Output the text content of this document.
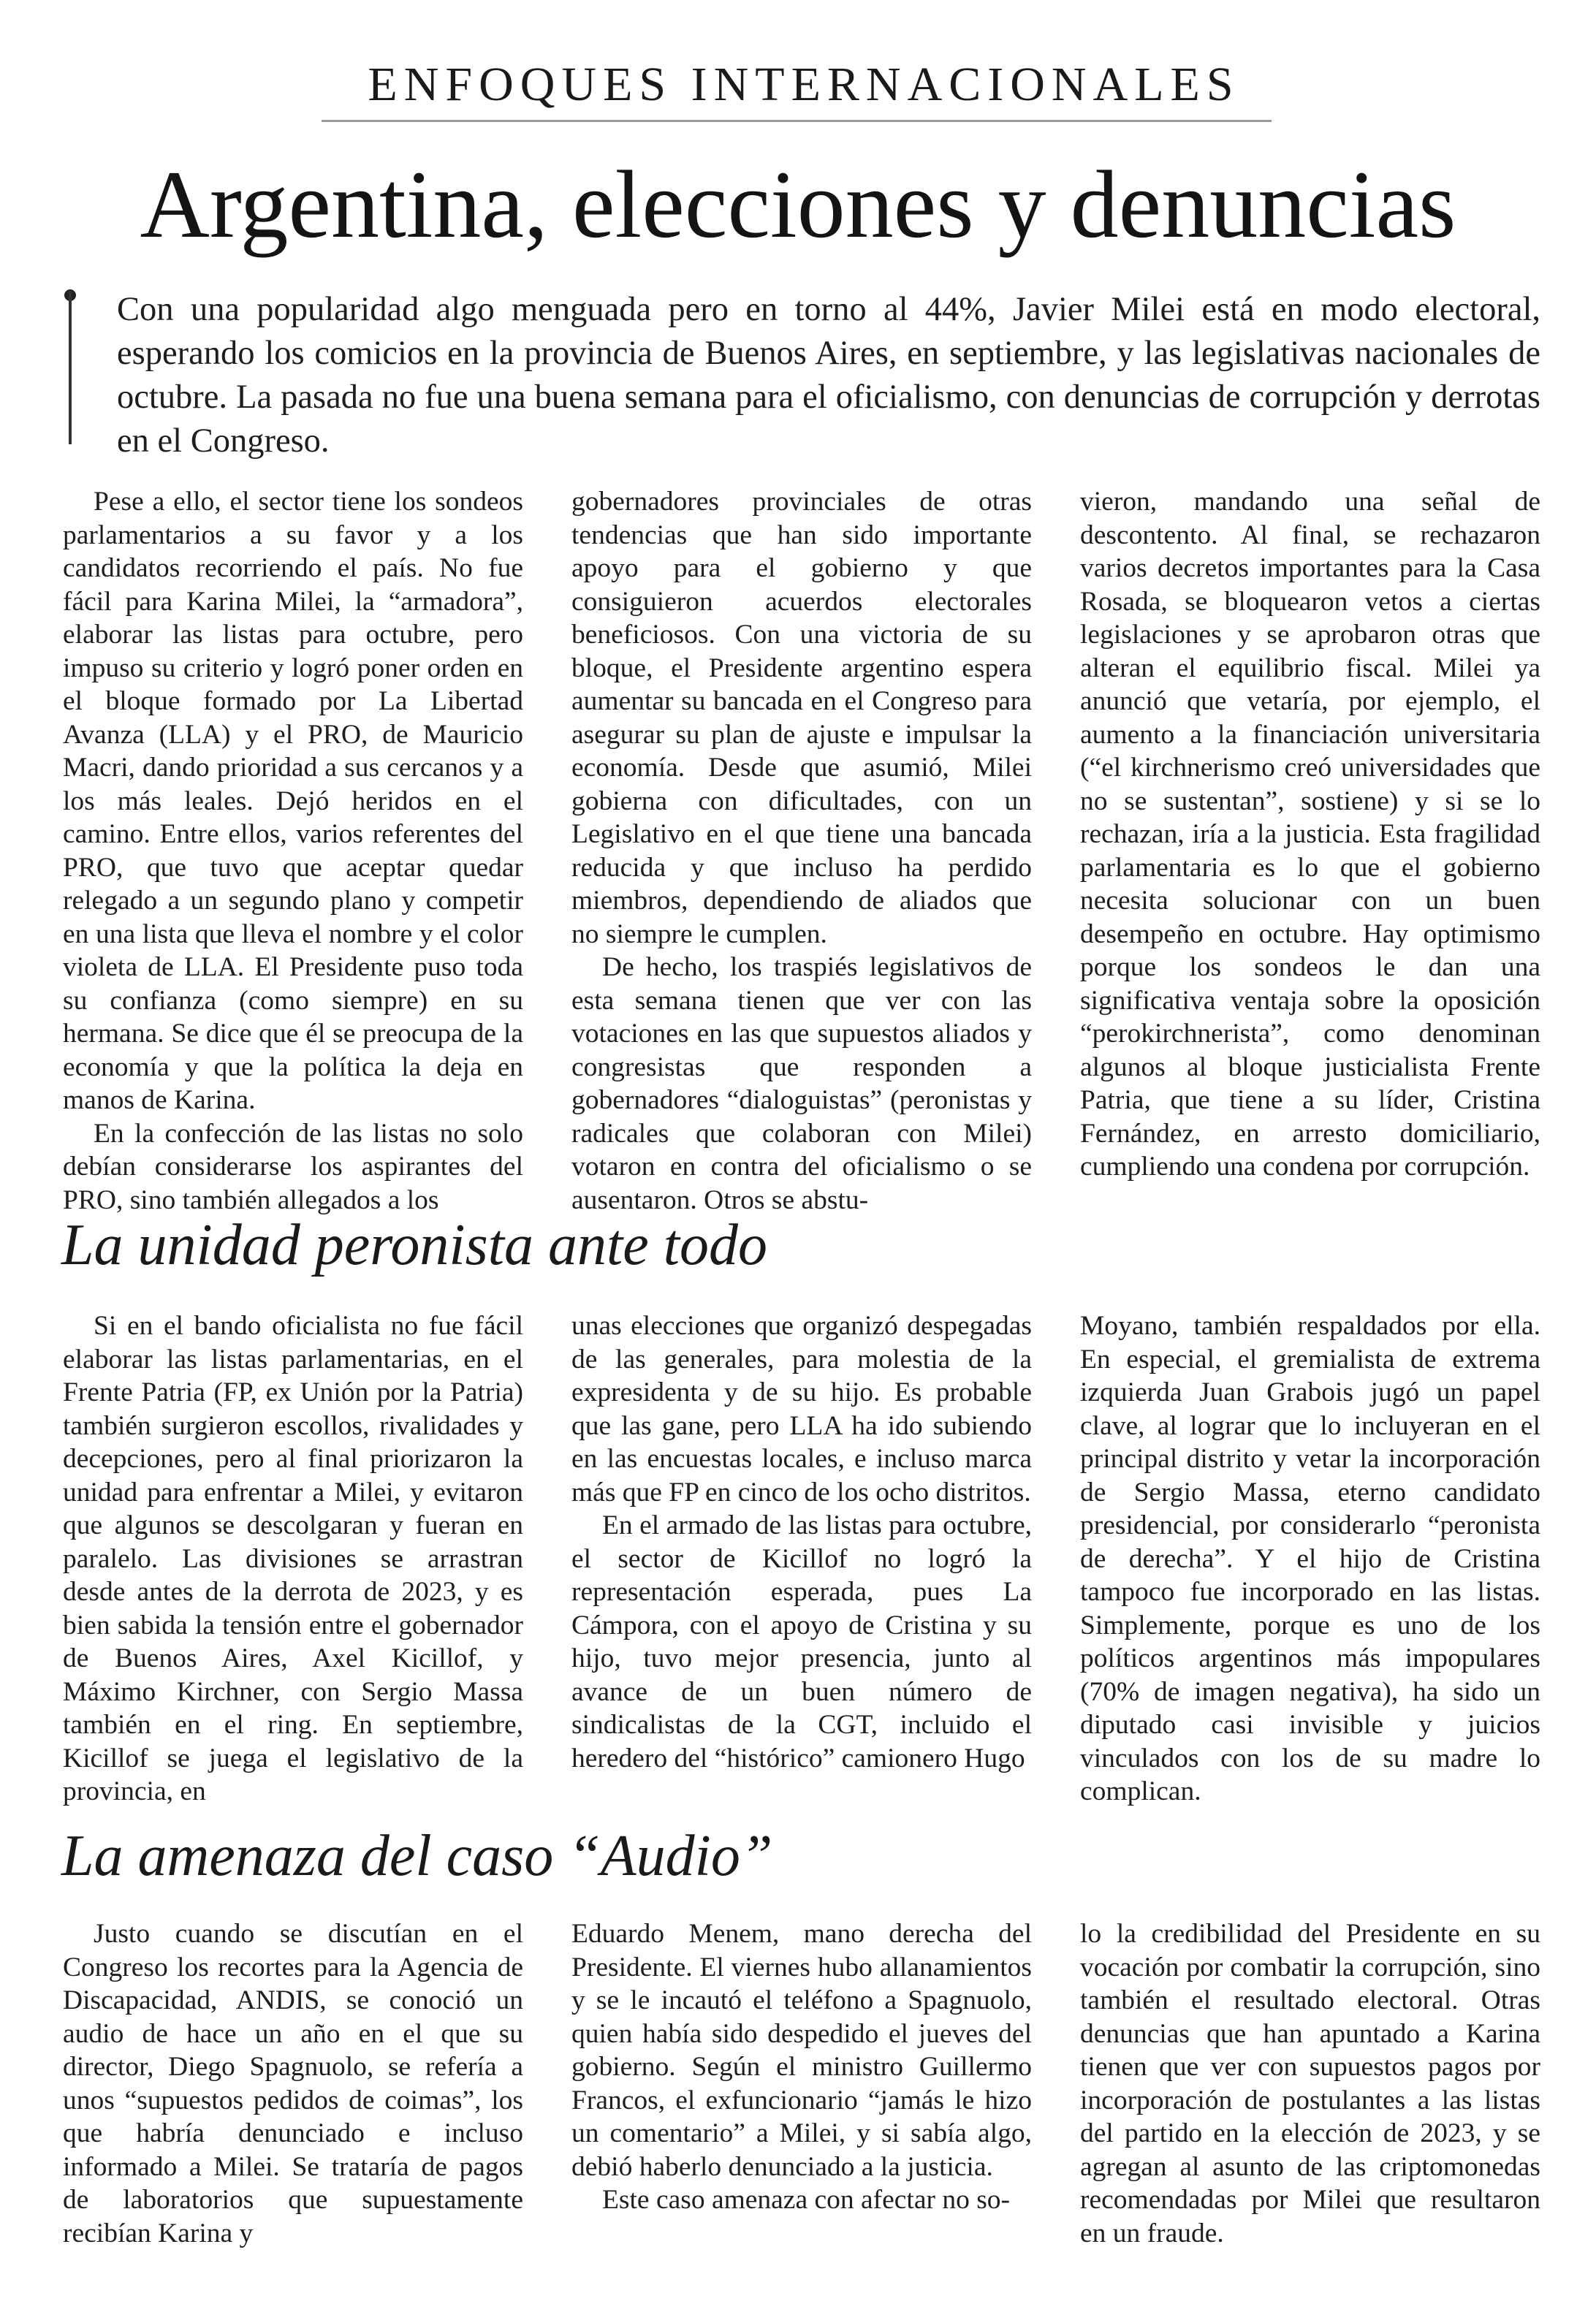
ENFOQUES INTERNACIONALES
Argentina, elecciones y denuncias
Con una popularidad algo menguada pero en torno al 44%, Javier Milei está en modo electoral, esperando los comicios en la provincia de Buenos Aires, en septiembre, y las legislativas nacionales de octubre. La pasada no fue una buena semana para el oficialismo, con denuncias de corrupción y derrotas en el Congreso.

Pese a ello, el sector tiene los sondeos parlamentarios a su favor y a los candidatos recorriendo el país. No fue fácil para Karina Milei, la “armadora”, elaborar las listas para octubre, pero impuso su criterio y logró poner orden en el bloque formado por La Libertad Avanza (LLA) y el PRO, de Mauricio Macri, dando prioridad a sus cercanos y a los más leales. Dejó heridos en el camino. Entre ellos, varios referentes del PRO, que tuvo que aceptar quedar relegado a un segundo plano y competir en una lista que lleva el nombre y el color violeta de LLA. El Presidente puso toda su confianza (como siempre) en su hermana. Se dice que él se preocupa de la economía y que la política la deja en manos de Karina.

En la confección de las listas no solo debían considerarse los aspirantes del PRO, sino también allegados a los

gobernadores provinciales de otras tendencias que han sido importante apoyo para el gobierno y que consiguieron acuerdos electorales beneficiosos. Con una victoria de su bloque, el Presidente argentino espera aumentar su bancada en el Congreso para asegurar su plan de ajuste e impulsar la economía. Desde que asumió, Milei gobierna con dificultades, con un Legislativo en el que tiene una bancada reducida y que incluso ha perdido miembros, dependiendo de aliados que no siempre le cumplen.

De hecho, los traspiés legislativos de esta semana tienen que ver con las votaciones en las que supuestos aliados y congresistas que responden a gobernadores “dialoguistas” (peronistas y radicales que colaboran con Milei) votaron en contra del oficialismo o se ausentaron. Otros se abstu-

vieron, mandando una señal de descontento. Al final, se rechazaron varios decretos importantes para la Casa Rosada, se bloquearon vetos a ciertas legislaciones y se aprobaron otras que alteran el equilibrio fiscal. Milei ya anunció que vetaría, por ejemplo, el aumento a la financiación universitaria (“el kirchnerismo creó universidades que no se sustentan”, sostiene) y si se lo rechazan, iría a la justicia. Esta fragilidad parlamentaria es lo que el gobierno necesita solucionar con un buen desempeño en octubre. Hay optimismo porque los sondeos le dan una significativa ventaja sobre la oposición “perokirchnerista”, como denominan algunos al bloque justicialista Frente Patria, que tiene a su líder, Cristina Fernández, en arresto domiciliario, cumpliendo una condena por corrupción.

La unidad peronista ante todo

Si en el bando oficialista no fue fácil elaborar las listas parlamentarias, en el Frente Patria (FP, ex Unión por la Patria) también surgieron escollos, rivalidades y decepciones, pero al final priorizaron la unidad para enfrentar a Milei, y evitaron que algunos se descolgaran y fueran en paralelo. Las divisiones se arrastran desde antes de la derrota de 2023, y es bien sabida la tensión entre el gobernador de Buenos Aires, Axel Kicillof, y Máximo Kirchner, con Sergio Massa también en el ring. En septiembre, Kicillof se juega el legislativo de la provincia, en

unas elecciones que organizó despegadas de las generales, para molestia de la expresidenta y de su hijo. Es probable que las gane, pero LLA ha ido subiendo en las encuestas locales, e incluso marca más que FP en cinco de los ocho distritos.

En el armado de las listas para octubre, el sector de Kicillof no logró la representación esperada, pues La Cámpora, con el apoyo de Cristina y su hijo, tuvo mejor presencia, junto al avance de un buen número de sindicalistas de la CGT, incluido el heredero del “histórico” camionero Hugo

Moyano, también respaldados por ella. En especial, el gremialista de extrema izquierda Juan Grabois jugó un papel clave, al lograr que lo incluyeran en el principal distrito y vetar la incorporación de Sergio Massa, eterno candidato presidencial, por considerarlo “peronista de derecha”. Y el hijo de Cristina tampoco fue incorporado en las listas. Simplemente, porque es uno de los políticos argentinos más impopulares (70% de imagen negativa), ha sido un diputado casi invisible y juicios vinculados con los de su madre lo complican.

La amenaza del caso “Audio”

Justo cuando se discutían en el Congreso los recortes para la Agencia de Discapacidad, ANDIS, se conoció un audio de hace un año en el que su director, Diego Spagnuolo, se refería a unos “supuestos pedidos de coimas”, los que habría denunciado e incluso informado a Milei. Se trataría de pagos de laboratorios que supuestamente recibían Karina y

Eduardo Menem, mano derecha del Presidente. El viernes hubo allanamientos y se le incautó el teléfono a Spagnuolo, quien había sido despedido el jueves del gobierno. Según el ministro Guillermo Francos, el exfuncionario “jamás le hizo un comentario” a Milei, y si sabía algo, debió haberlo denunciado a la justicia.

Este caso amenaza con afectar no so-

lo la credibilidad del Presidente en su vocación por combatir la corrupción, sino también el resultado electoral. Otras denuncias que han apuntado a Karina tienen que ver con supuestos pagos por incorporación de postulantes a las listas del partido en la elección de 2023, y se agregan al asunto de las criptomonedas recomendadas por Milei que resultaron en un fraude.
